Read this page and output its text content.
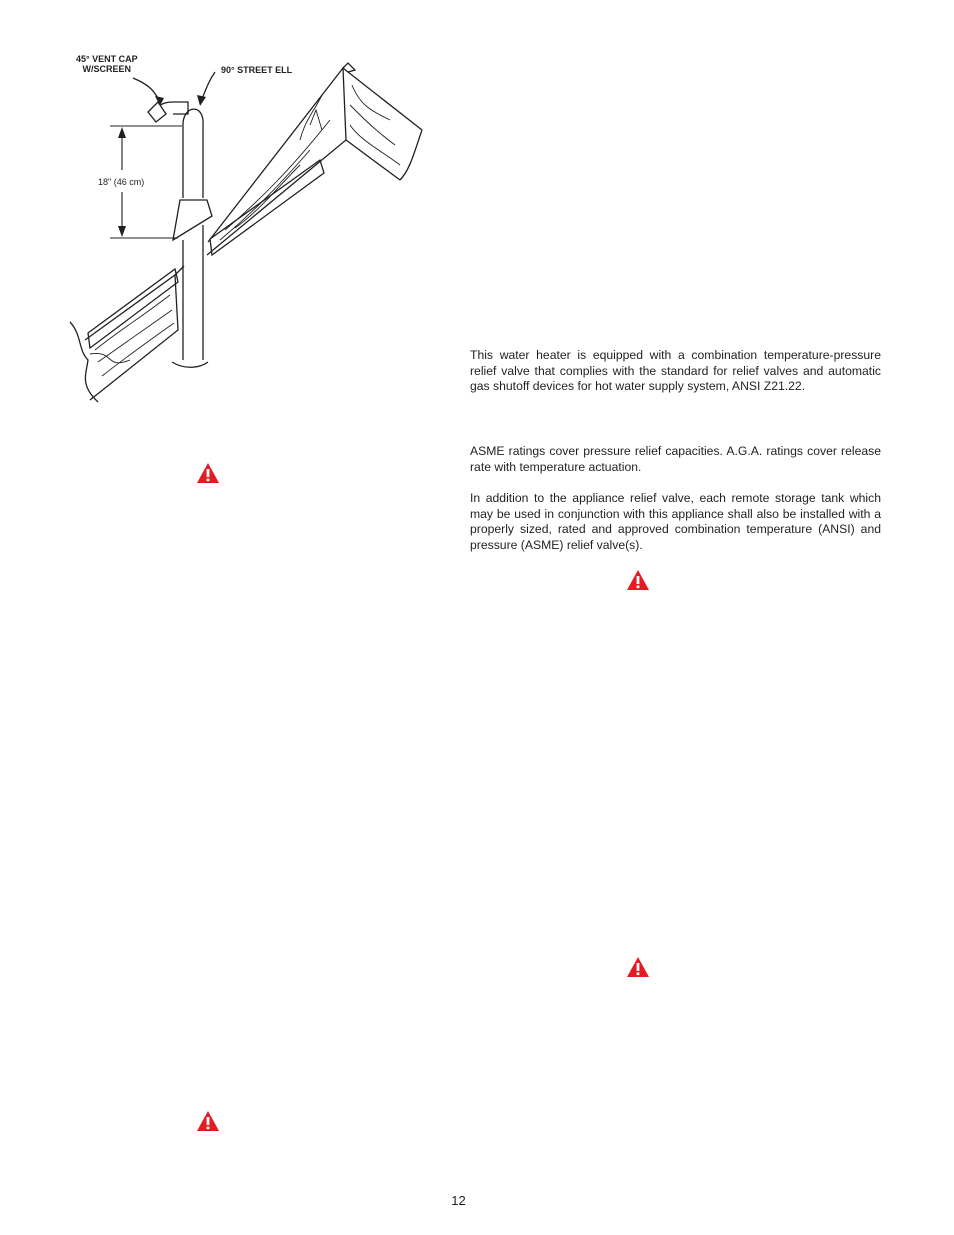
45° VENT CAP
W/SCREEN	90° STREET ELL
18" (46 cm)

This water heater is equipped with a combination temperature-pressure relief valve that complies with the standard for relief valves and automatic gas shutoff devices for hot water supply system, ANSI Z21.22.

ASME ratings cover pressure relief capacities. A.G.A. ratings cover release rate with temperature actuation.

In addition to the appliance relief valve, each remote storage tank which may be used in conjunction with this appliance shall also be installed with a properly sized, rated and approved combination temperature (ANSI) and pressure (ASME) relief valve(s).

12
